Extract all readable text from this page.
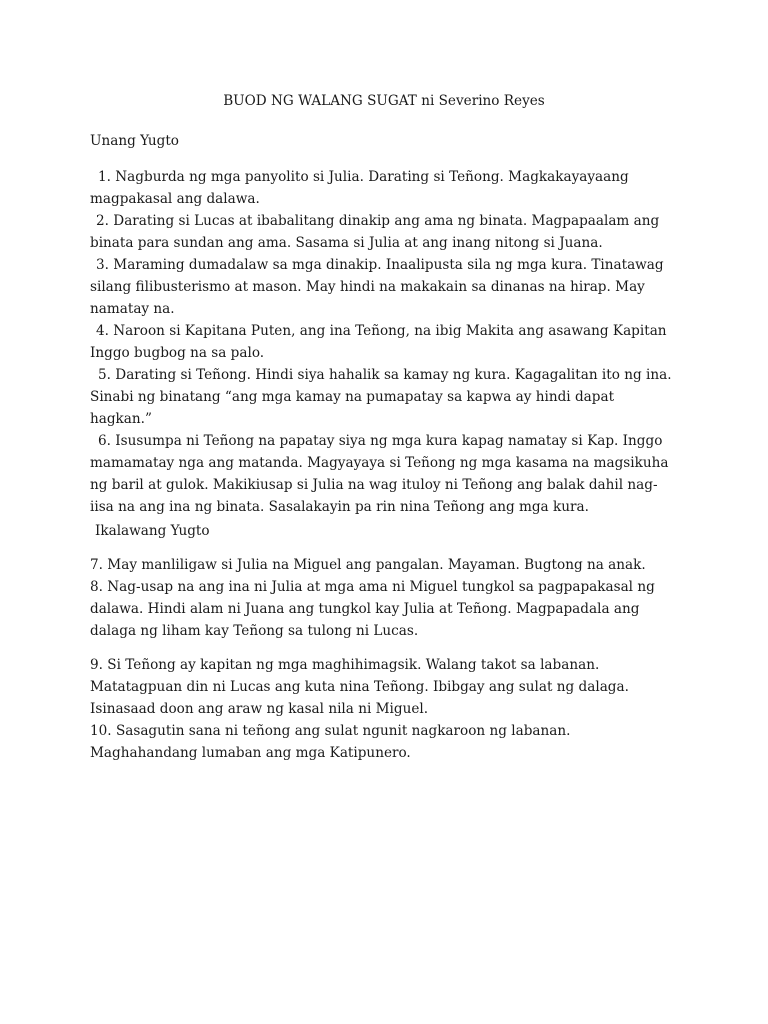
BUOD NG WALANG SUGAT ni Severino Reyes
Unang Yugto

1. Nagburda ng mga panyolito si Julia. Darating si Teñong. Magkakayayaang magpakasal ang dalawa.

2. Darating si Lucas at ibabalitang dinakip ang ama ng binata. Magpapaalam ang binata para sundan ang ama. Sasama si Julia at ang inang nitong si Juana.

3. Maraming dumadalaw sa mga dinakip. Inaalipusta sila ng mga kura. Tinatawag silang filibusterismo at mason. May hindi na makakain sa dinanas na hirap. May namatay na.

4. Naroon si Kapitana Puten, ang ina Teñong, na ibig Makita ang asawang Kapitan Inggo bugbog na sa palo.

5. Darating si Teñong. Hindi siya hahalik sa kamay ng kura. Kagagalitan ito ng ina. Sinabi ng binatang “ang mga kamay na pumapatay sa kapwa ay hindi dapat hagkan.”

6. Isusumpa ni Teñong na papatay siya ng mga kura kapag namatay si Kap. Inggo mamamatay nga ang matanda. Magyayaya si Teñong ng mga kasama na magsikuha ng baril at gulok. Makikiusap si Julia na wag ituloy ni Teñong ang balak dahil nag-iisa na ang ina ng binata. Sasalakayin pa rin nina Teñong ang mga kura.

Ikalawang Yugto

7. May manliligaw si Julia na Miguel ang pangalan. Mayaman. Bugtong na anak.

8. Nag-usap na ang ina ni Julia at mga ama ni Miguel tungkol sa pagpapakasal ng dalawa. Hindi alam ni Juana ang tungkol kay Julia at Teñong. Magpapadala ang dalaga ng liham kay Teñong sa tulong ni Lucas.

9. Si Teñong ay kapitan ng mga maghihimagsik. Walang takot sa labanan. Matatagpuan din ni Lucas ang kuta nina Teñong. Ibibgay ang sulat ng dalaga. Isinasaad doon ang araw ng kasal nila ni Miguel.

10. Sasagutin sana ni teñong ang sulat ngunit nagkaroon ng labanan. Maghahandang lumaban ang mga Katipunero.
